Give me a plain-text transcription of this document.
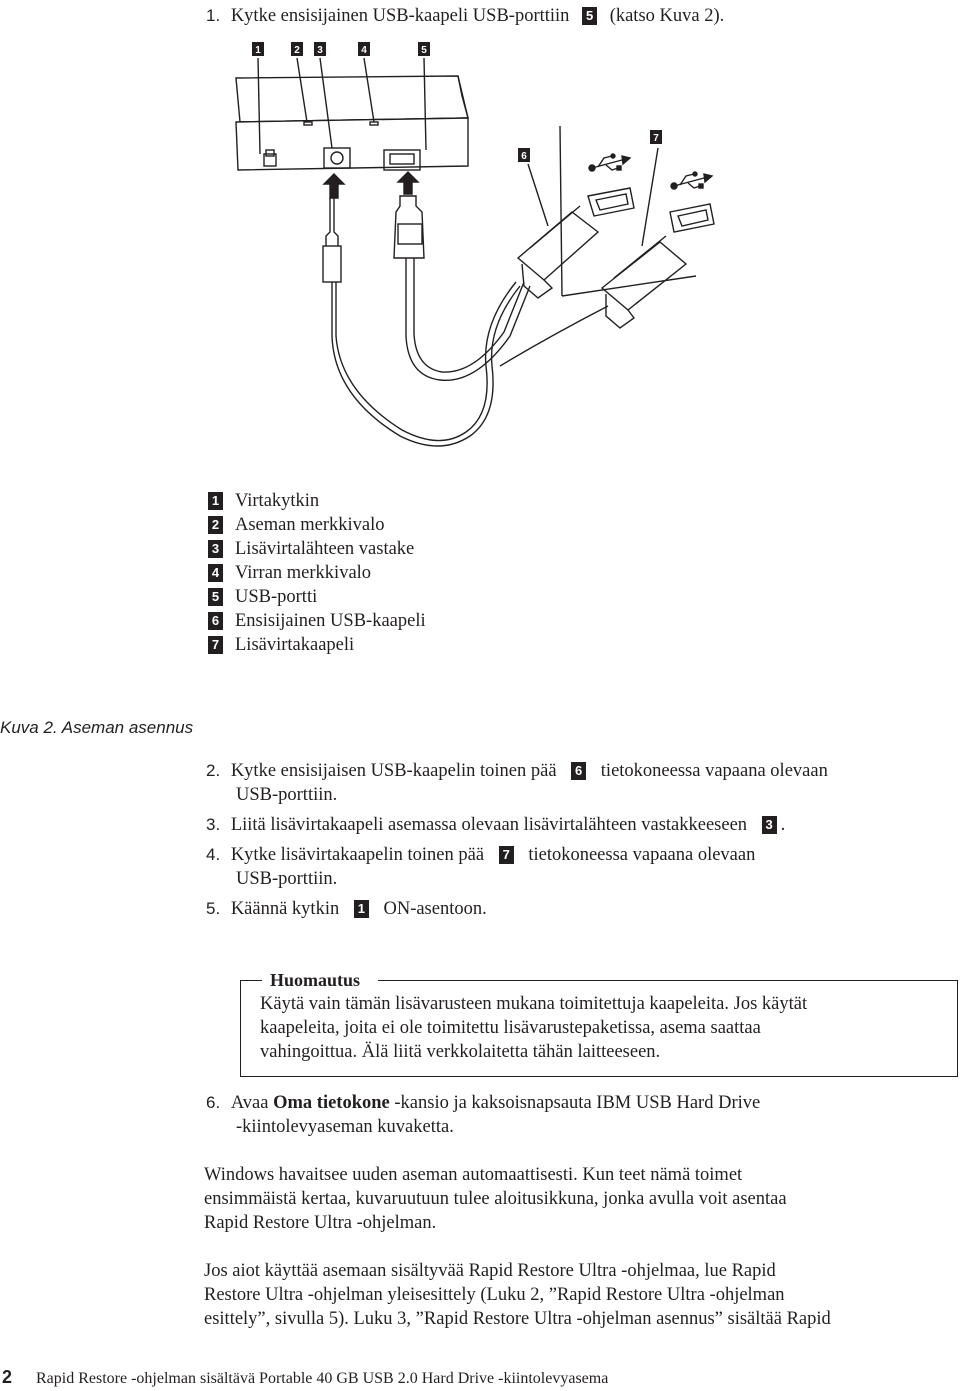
1. Kytke ensisijainen USB-kaapeli USB-porttiin 5 (katso Kuva 2).
1	2 3	4	5
6
7
1 Virtakytkin
2 Aseman merkkivalo
3 Lisävirtalähteen vastake
4 Virran merkkivalo
5 USB-portti
6 Ensisijainen USB-kaapeli
7 Lisävirtakaapeli
Kuva 2. Aseman asennus
2. Kytke ensisijaisen USB-kaapelin toinen pää 6 tietokoneessa vapaana olevaan
USB-porttiin.
3. Liitä lisävirtakaapeli asemassa olevaan lisävirtalähteen vastakkeeseen 3 .
4. Kytke lisävirtakaapelin toinen pää 7 tietokoneessa vapaana olevaan
USB-porttiin.
5. Käännä kytkin 1 ON-asentoon.
Huomautus
Käytä vain tämän lisävarusteen mukana toimitettuja kaapeleita. Jos käytät
kaapeleita, joita ei ole toimitettu lisävarustepaketissa, asema saattaa
vahingoittua. Älä liitä verkkolaitetta tähän laitteeseen.
6. Avaa Oma tietokone -kansio ja kaksoisnapsauta IBM USB Hard Drive
-kiintolevyaseman kuvaketta.
Windows havaitsee uuden aseman automaattisesti. Kun teet nämä toimet
ensimmäistä kertaa, kuvaruutuun tulee aloitusikkuna, jonka avulla voit asentaa
Rapid Restore Ultra -ohjelman.
Jos aiot käyttää asemaan sisältyvää Rapid Restore Ultra -ohjelmaa, lue Rapid
Restore Ultra -ohjelman yleisesittely (Luku 2, ”Rapid Restore Ultra -ohjelman
esittely”, sivulla 5). Luku 3, ”Rapid Restore Ultra -ohjelman asennus” sisältää Rapid
2 Rapid Restore -ohjelman sisältävä Portable 40 GB USB 2.0 Hard Drive -kiintolevyasema
